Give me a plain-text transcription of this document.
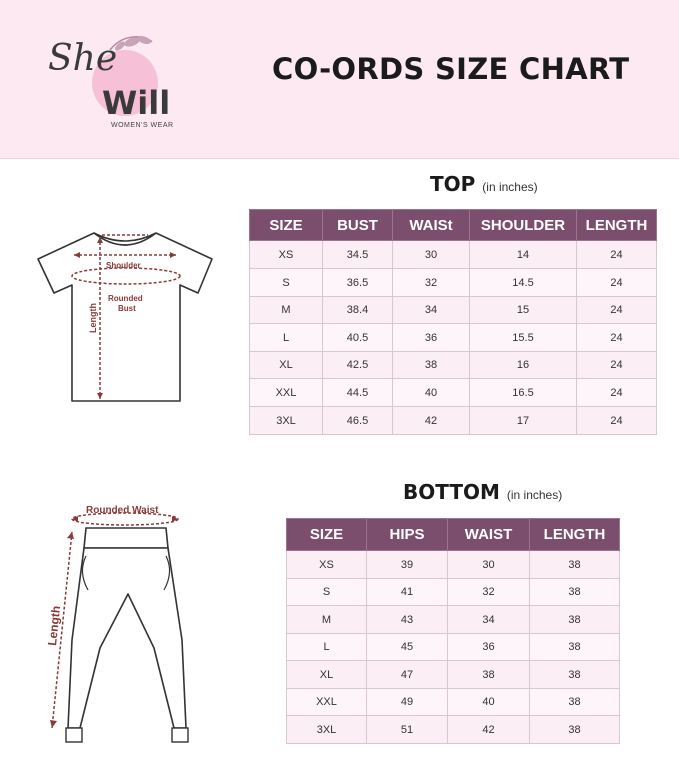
She
Will
WOMEN'S WEAR
CO-ORDS SIZE CHART
TOP (in inches)
Shoulder
Rounded
Bust
Length
SIZE	BUST	WAISt	SHOULDER	LENGTH
XS	34.5	30	14	24
S	36.5	32	14.5	24
M	38.4	34	15	24
L	40.5	36	15.5	24
XL	42.5	38	16	24
XXL	44.5	40	16.5	24
3XL	46.5	42	17	24
BOTTOM (in inches)
Rounded Waist
Length
SIZE	HIPS	WAIST	LENGTH
XS	39	30	38
S	41	32	38
M	43	34	38
L	45	36	38
XL	47	38	38
XXL	49	40	38
3XL	51	42	38
